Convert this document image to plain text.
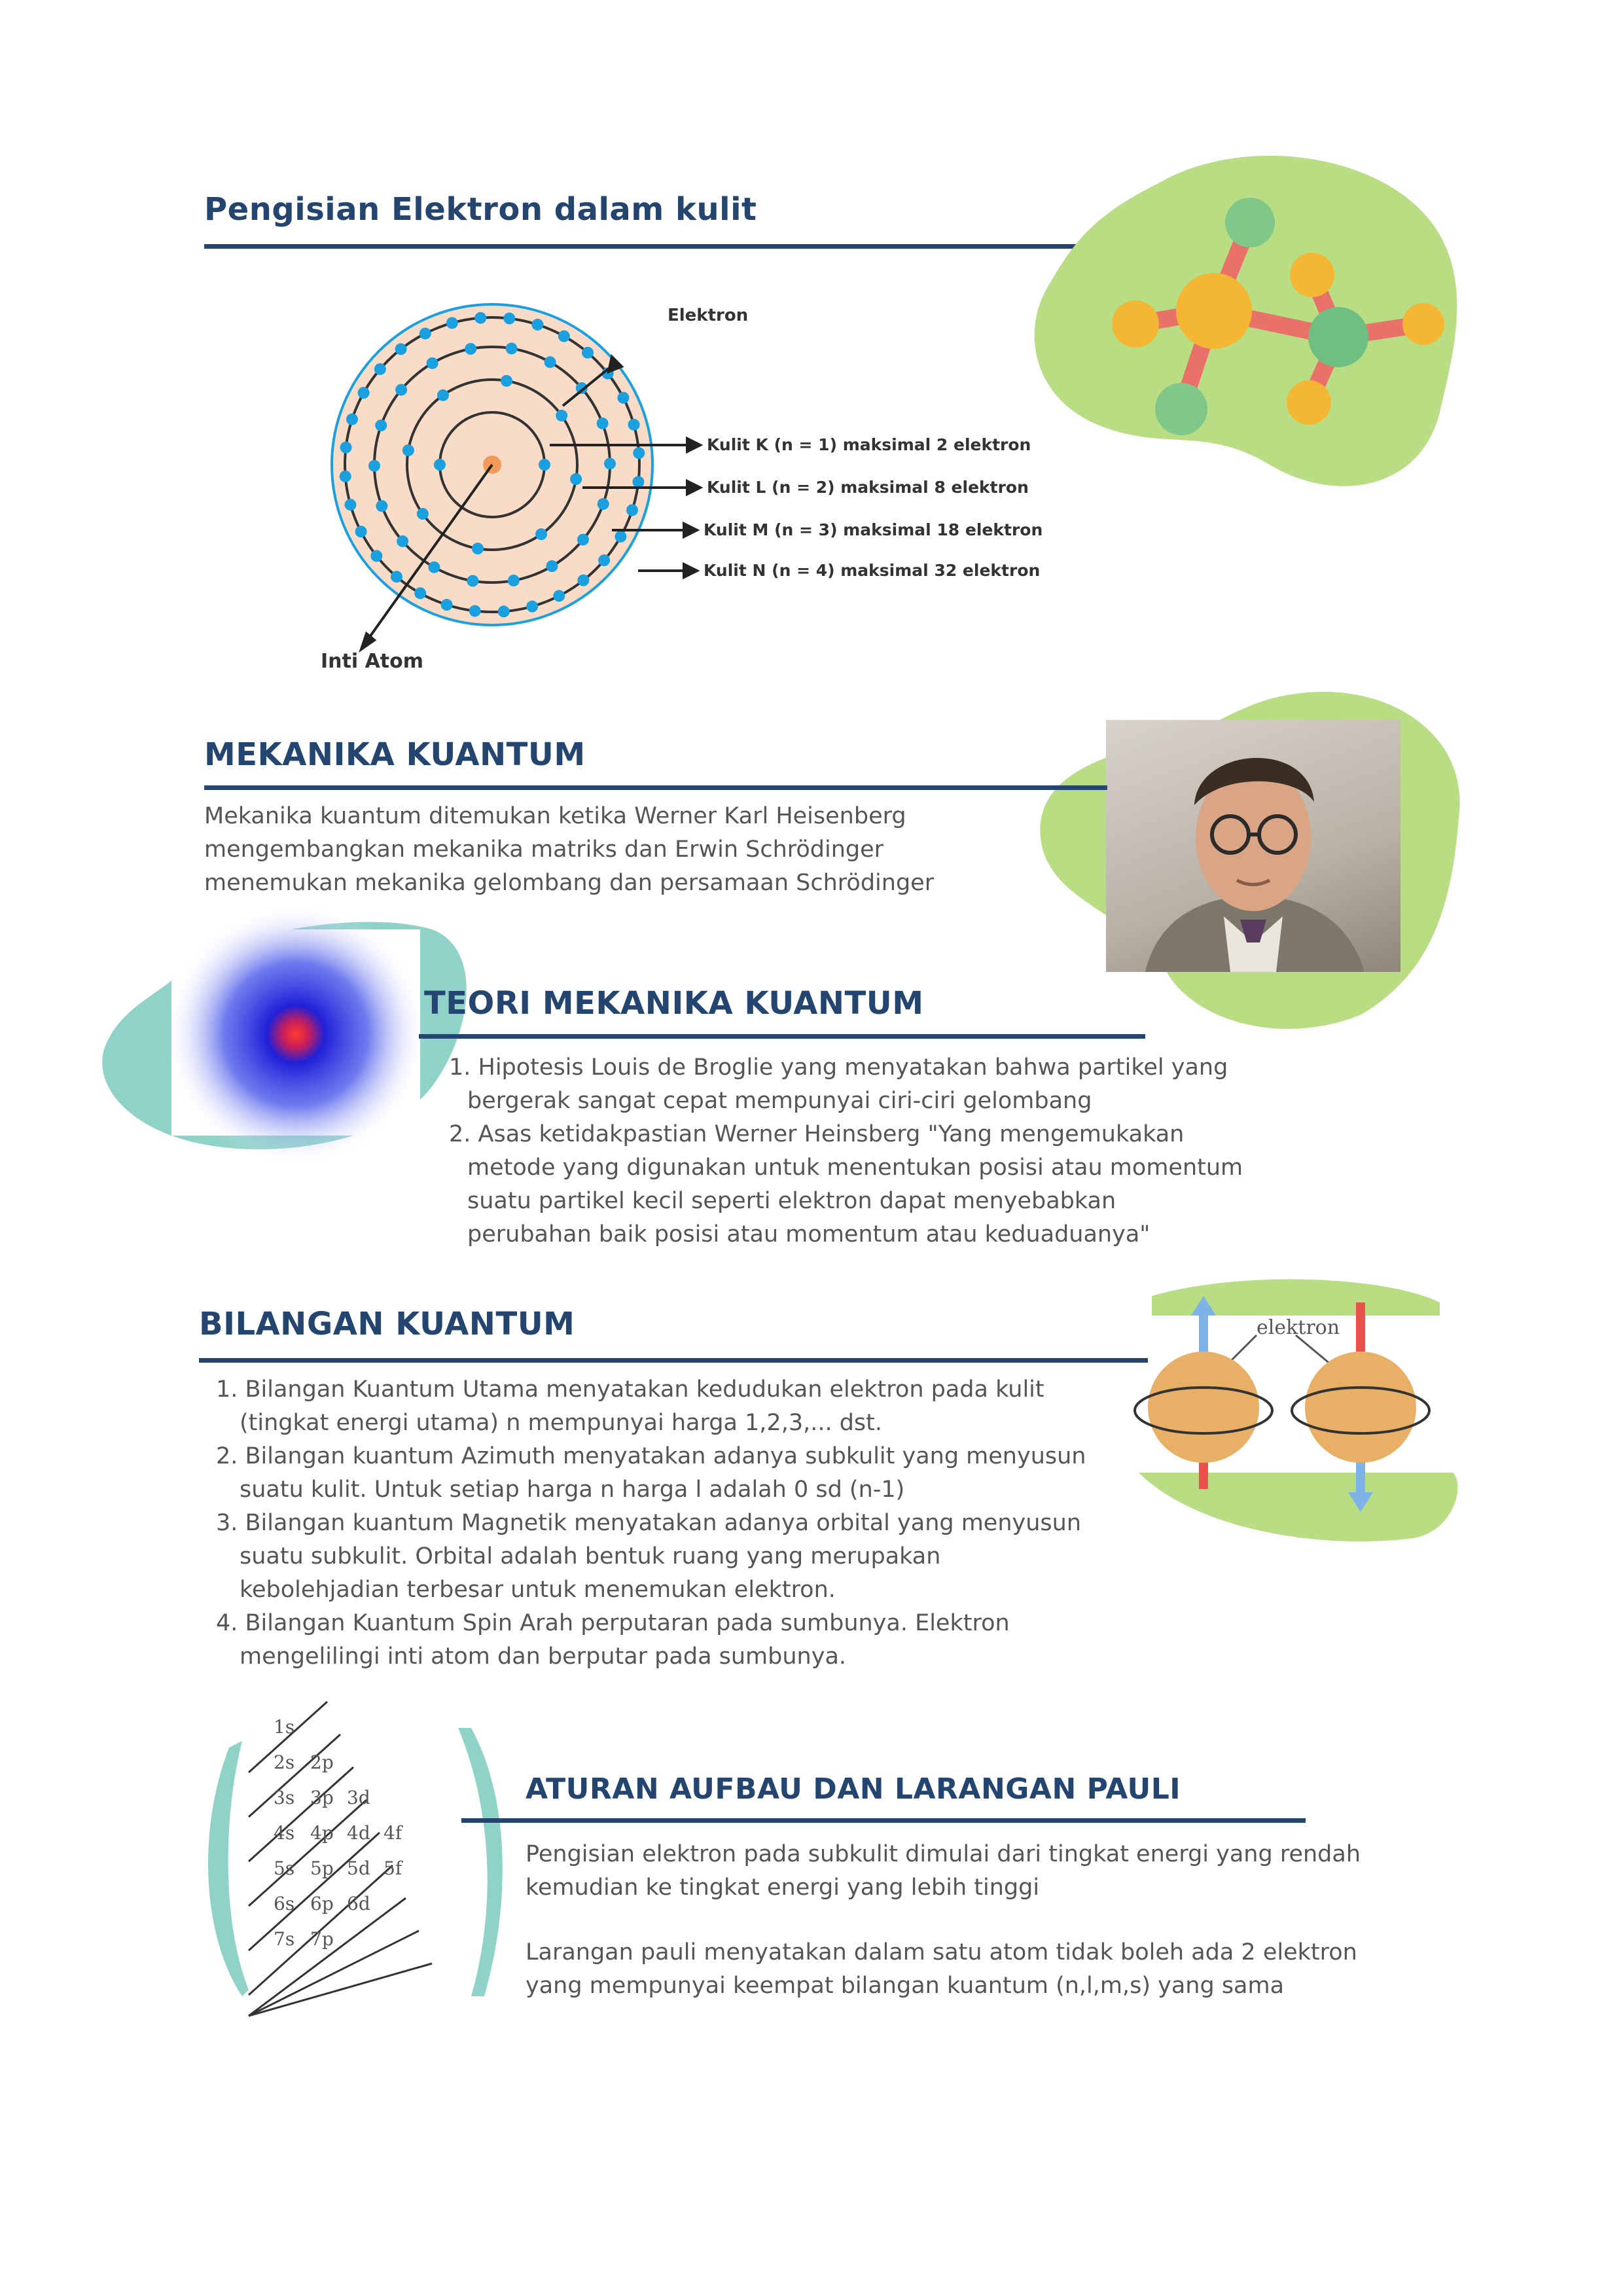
Pengisian Elektron dalam kulit
Elektron
Kulit K (n = 1) maksimal 2 elektron
Kulit L (n = 2) maksimal 8 elektron
Kulit M (n = 3) maksimal 18 elektron
Kulit N (n = 4) maksimal 32 elektron
Inti Atom
MEKANIKA KUANTUM

Mekanika kuantum ditemukan ketika Werner Karl Heisenberg

mengembangkan mekanika matriks dan Erwin Schrödinger

menemukan mekanika gelombang dan persamaan Schrödinger

TEORI MEKANIKA KUANTUM

1. Hipotesis Louis de Broglie yang menyatakan bahwa partikel yang

bergerak sangat cepat mempunyai ciri-ciri gelombang

2. Asas ketidakpastian Werner Heinsberg "Yang mengemukakan

metode yang digunakan untuk menentukan posisi atau momentum

suatu partikel kecil seperti elektron dapat menyebabkan

perubahan baik posisi atau momentum atau keduaduanya"

elektron
BILANGAN KUANTUM

1. Bilangan Kuantum Utama menyatakan kedudukan elektron pada kulit

(tingkat energi utama) n mempunyai harga 1,2,3,... dst.

2. Bilangan kuantum Azimuth menyatakan adanya subkulit yang menyusun

suatu kulit. Untuk setiap harga n harga l adalah 0 sd (n-1)

3. Bilangan kuantum Magnetik menyatakan adanya orbital yang menyusun

suatu subkulit. Orbital adalah bentuk ruang yang merupakan

kebolehjadian terbesar untuk menemukan elektron.

4. Bilangan Kuantum Spin Arah perputaran pada sumbunya. Elektron

mengelilingi inti atom dan berputar pada sumbunya.

1s
2s 2p
3s 3p 3d
4s 4p 4d 4f
5s 5p 5d 5f
6s 6p 6d
7s 7p
ATURAN AUFBAU DAN LARANGAN PAULI

Pengisian elektron pada subkulit dimulai dari tingkat energi yang rendah

kemudian ke tingkat energi yang lebih tinggi

Larangan pauli menyatakan dalam satu atom tidak boleh ada 2 elektron

yang mempunyai keempat bilangan kuantum (n,l,m,s) yang sama
